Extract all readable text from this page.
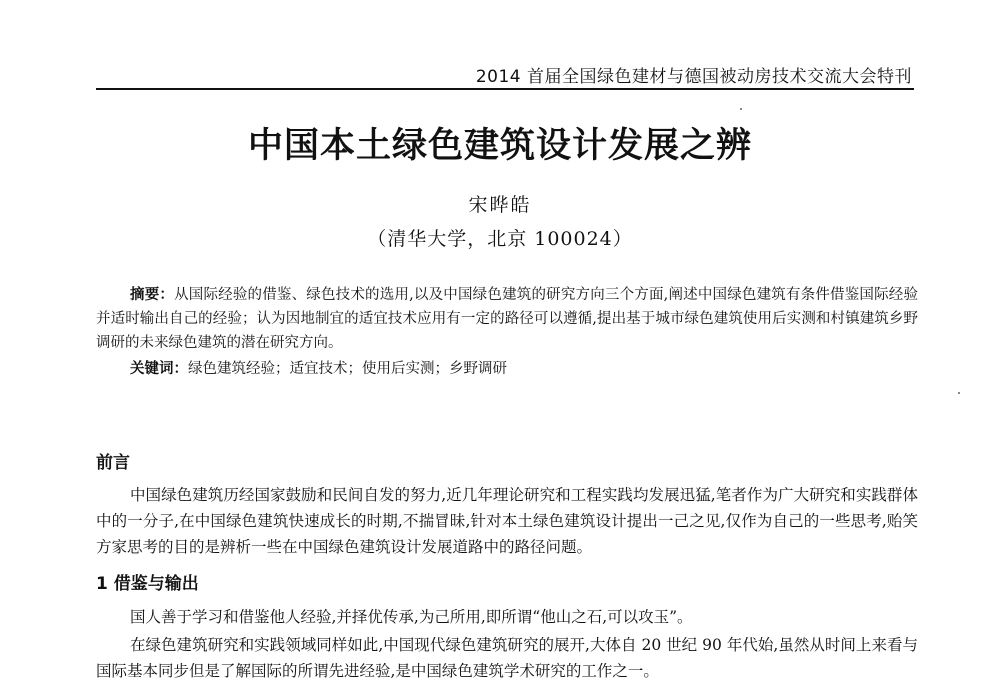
2014 首届全国绿色建材与德国被动房技术交流大会特刊
中国本土绿色建筑设计发展之辨
宋晔皓
（清华大学，北京 100024）

摘要：从国际经验的借鉴、绿色技术的选用,以及中国绿色建筑的研究方向三个方面,阐述中国绿色建筑有条件借鉴国际经验并适时输出自己的经验；认为因地制宜的适宜技术应用有一定的路径可以遵循,提出基于城市绿色建筑使用后实测和村镇建筑乡野调研的未来绿色建筑的潜在研究方向。

关键词：绿色建筑经验；适宜技术；使用后实测；乡野调研

前言

中国绿色建筑历经国家鼓励和民间自发的努力,近几年理论研究和工程实践均发展迅猛,笔者作为广大研究和实践群体中的一分子,在中国绿色建筑快速成长的时期,不揣冒昧,针对本土绿色建筑设计提出一己之见,仅作为自己的一些思考,贻笑方家思考的目的是辨析一些在中国绿色建筑设计发展道路中的路径问题。

1 借鉴与输出

国人善于学习和借鉴他人经验,并择优传承,为己所用,即所谓“他山之石,可以攻玉”。

在绿色建筑研究和实践领域同样如此,中国现代绿色建筑研究的展开,大体自 20 世纪 90 年代始,虽然从时间上来看与国际基本同步但是了解国际的所谓先进经验,是中国绿色建筑学术研究的工作之一。
